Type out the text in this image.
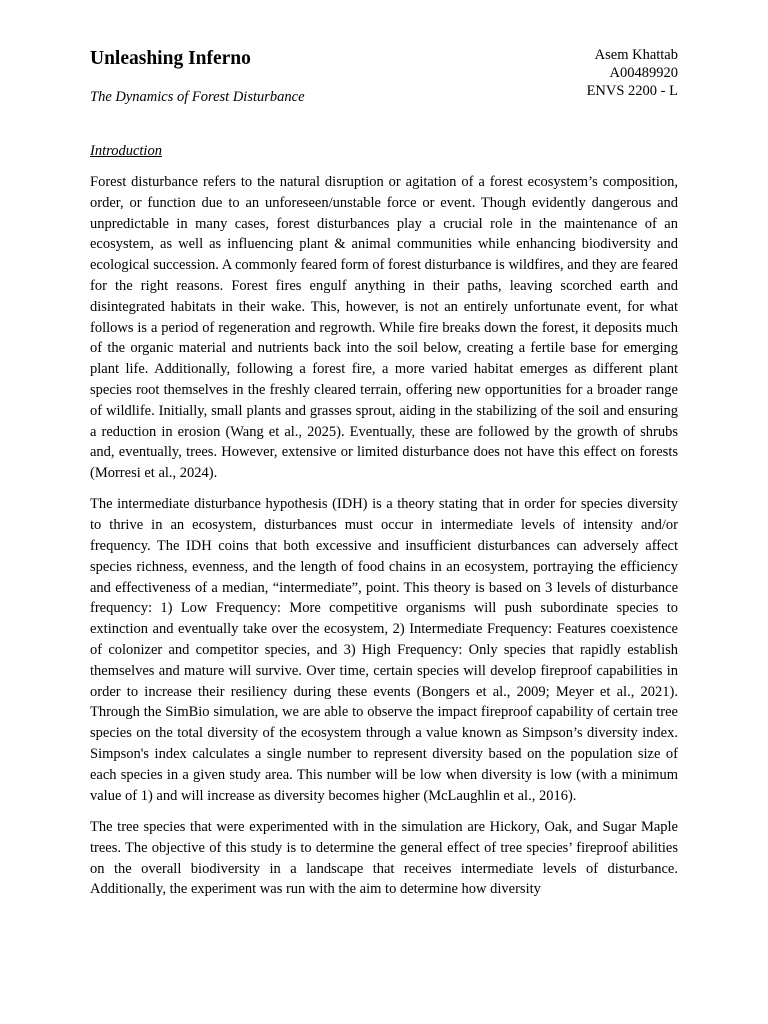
Unleashing Inferno

The Dynamics of Forest Disturbance

Asem Khattab
A00489920
ENVS 2200 - L
Introduction

Forest disturbance refers to the natural disruption or agitation of a forest ecosystem’s composition, order, or function due to an unforeseen/unstable force or event. Though evidently dangerous and unpredictable in many cases, forest disturbances play a crucial role in the maintenance of an ecosystem, as well as influencing plant & animal communities while enhancing biodiversity and ecological succession. A commonly feared form of forest disturbance is wildfires, and they are feared for the right reasons. Forest fires engulf anything in their paths, leaving scorched earth and disintegrated habitats in their wake. This, however, is not an entirely unfortunate event, for what follows is a period of regeneration and regrowth. While fire breaks down the forest, it deposits much of the organic material and nutrients back into the soil below, creating a fertile base for emerging plant life. Additionally, following a forest fire, a more varied habitat emerges as different plant species root themselves in the freshly cleared terrain, offering new opportunities for a broader range of wildlife. Initially, small plants and grasses sprout, aiding in the stabilizing of the soil and ensuring a reduction in erosion (Wang et al., 2025). Eventually, these are followed by the growth of shrubs and, eventually, trees. However, extensive or limited disturbance does not have this effect on forests (Morresi et al., 2024).

The intermediate disturbance hypothesis (IDH) is a theory stating that in order for species diversity to thrive in an ecosystem, disturbances must occur in intermediate levels of intensity and/or frequency. The IDH coins that both excessive and insufficient disturbances can adversely affect species richness, evenness, and the length of food chains in an ecosystem, portraying the efficiency and effectiveness of a median, “intermediate”, point. This theory is based on 3 levels of disturbance frequency: 1) Low Frequency: More competitive organisms will push subordinate species to extinction and eventually take over the ecosystem, 2) Intermediate Frequency: Features coexistence of colonizer and competitor species, and 3) High Frequency: Only species that rapidly establish themselves and mature will survive. Over time, certain species will develop fireproof capabilities in order to increase their resiliency during these events (Bongers et al., 2009; Meyer et al., 2021). Through the SimBio simulation, we are able to observe the impact fireproof capability of certain tree species on the total diversity of the ecosystem through a value known as Simpson’s diversity index. Simpson's index calculates a single number to represent diversity based on the population size of each species in a given study area. This number will be low when diversity is low (with a minimum value of 1) and will increase as diversity becomes higher (McLaughlin et al., 2016).

The tree species that were experimented with in the simulation are Hickory, Oak, and Sugar Maple trees. The objective of this study is to determine the general effect of tree species’ fireproof abilities on the overall biodiversity in a landscape that receives intermediate levels of disturbance. Additionally, the experiment was run with the aim to determine how diversity
